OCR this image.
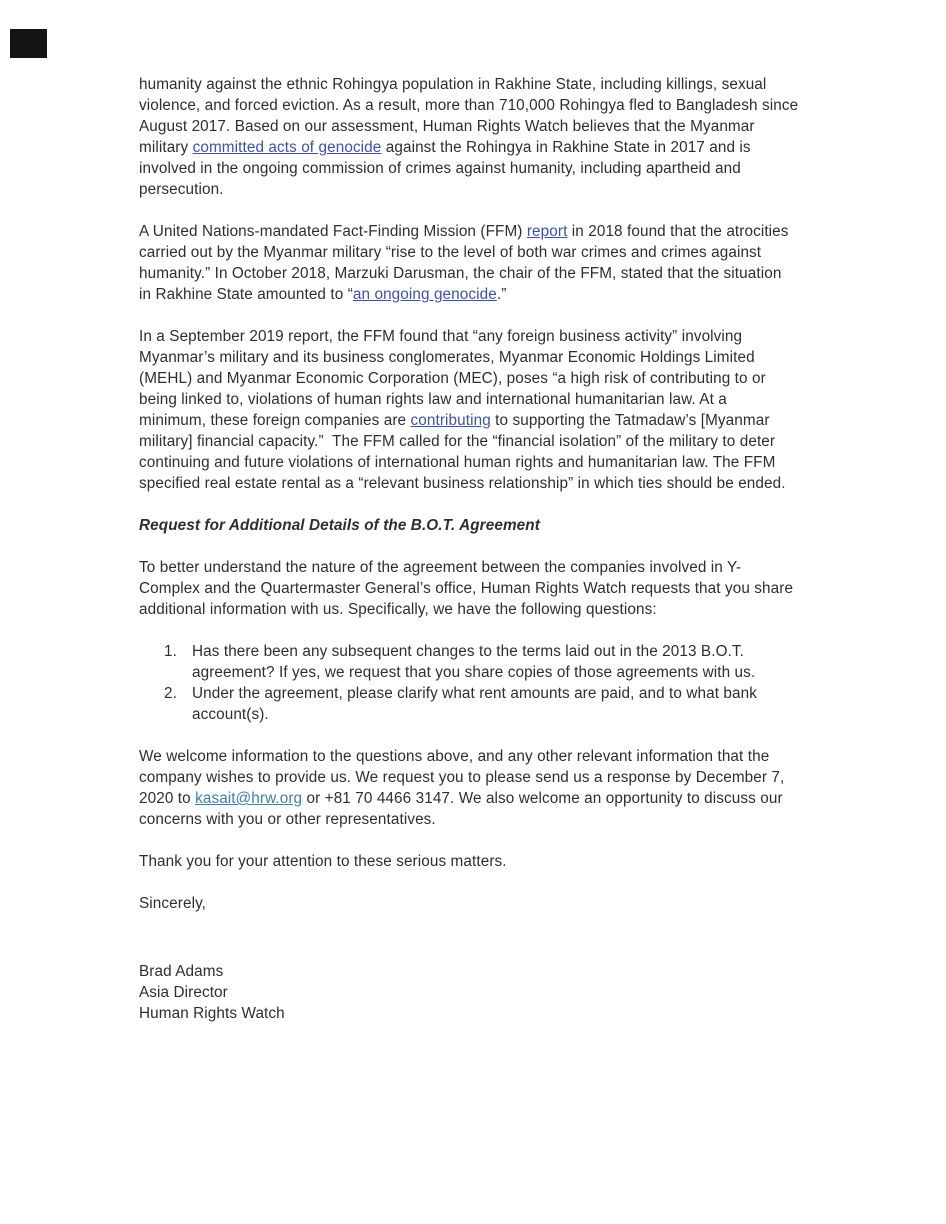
humanity against the ethnic Rohingya population in Rakhine State, including killings, sexual
violence, and forced eviction. As a result, more than 710,000 Rohingya fled to Bangladesh since
August 2017. Based on our assessment, Human Rights Watch believes that the Myanmar
military committed acts of genocide against the Rohingya in Rakhine State in 2017 and is
involved in the ongoing commission of crimes against humanity, including apartheid and
persecution.
A United Nations-mandated Fact-Finding Mission (FFM) report in 2018 found that the atrocities
carried out by the Myanmar military “rise to the level of both war crimes and crimes against
humanity.” In October 2018, Marzuki Darusman, the chair of the FFM, stated that the situation
in Rakhine State amounted to “an ongoing genocide.”
In a September 2019 report, the FFM found that “any foreign business activity” involving
Myanmar’s military and its business conglomerates, Myanmar Economic Holdings Limited
(MEHL) and Myanmar Economic Corporation (MEC), poses “a high risk of contributing to or
being linked to, violations of human rights law and international humanitarian law. At a
minimum, these foreign companies are contributing to supporting the Tatmadaw’s [Myanmar
military] financial capacity.”  The FFM called for the “financial isolation” of the military to deter
continuing and future violations of international human rights and humanitarian law. The FFM
specified real estate rental as a “relevant business relationship” in which ties should be ended.
Request for Additional Details of the B.O.T. Agreement
To better understand the nature of the agreement between the companies involved in Y-
Complex and the Quartermaster General’s office, Human Rights Watch requests that you share
additional information with us. Specifically, we have the following questions:
1. Has there been any subsequent changes to the terms laid out in the 2013 B.O.T.
agreement? If yes, we request that you share copies of those agreements with us.
2. Under the agreement, please clarify what rent amounts are paid, and to what bank
account(s).
We welcome information to the questions above, and any other relevant information that the
company wishes to provide us. We request you to please send us a response by December 7,
2020 to kasait@hrw.org or +81 70 4466 3147. We also welcome an opportunity to discuss our
concerns with you or other representatives.
Thank you for your attention to these serious matters.
Sincerely,
Brad Adams
Asia Director
Human Rights Watch
